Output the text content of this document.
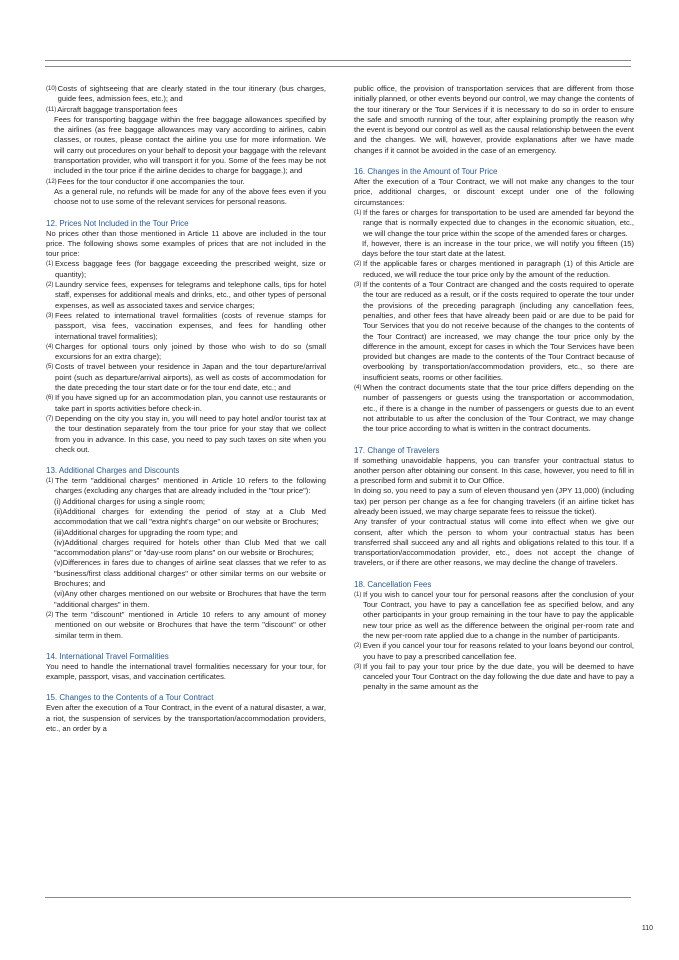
(10) Costs of sightseeing that are clearly stated in the tour itinerary (bus charges, guide fees, admission fees, etc.); and
(11) Aircraft baggage transportation fees
Fees for transporting baggage within the free baggage allowances specified by the airlines (as free baggage allowances may vary according to airlines, cabin classes, or routes, please contact the airline you use for more information. We will carry out procedures on your behalf to deposit your baggage with the relevant transportation provider, who will transport it for you. Some of the fees may be not included in the tour price if the airline decides to charge for baggage.); and
(12) Fees for the tour conductor if one accompanies the tour.
As a general rule, no refunds will be made for any of the above fees even if you choose not to use some of the relevant services for personal reasons.
12. Prices Not Included in the Tour Price

No prices other than those mentioned in Article 11 above are included in the tour price. The following shows some examples of prices that are not included in the tour price:

(1) Excess baggage fees (for baggage exceeding the prescribed weight, size or quantity);
(2) Laundry service fees, expenses for telegrams and telephone calls, tips for hotel staff, expenses for additional meals and drinks, etc., and other types of personal expenses, as well as associated taxes and service charges;
(3) Fees related to international travel formalities (costs of revenue stamps for passport, visa fees, vaccination expenses, and fees for handling other international travel formalities);
(4) Charges for optional tours only joined by those who wish to do so (small excursions for an extra charge);
(5) Costs of travel between your residence in Japan and the tour departure/arrival point (such as departure/arrival airports), as well as costs of accommodation for the date preceding the tour start date or for the tour end date, etc.; and
(6) If you have signed up for an accommodation plan, you cannot use restaurants or take part in sports activities before check-in.
(7) Depending on the city you stay in, you will need to pay hotel and/or tourist tax at the tour destination separately from the tour price for your stay that we collect from you in advance. In this case, you need to pay such taxes on site when you check out.
13. Additional Charges and Discounts
(1) The term "additional charges" mentioned in Article 10 refers to the following charges (excluding any charges that are already included in the "tour price"):
(i) Additional charges for using a single room;
(ii)Additional charges for extending the period of stay at a Club Med accommodation that we call "extra night's charge" on our website or Brochures;
(iii)Additional charges for upgrading the room type; and
(iv)Additional charges required for hotels other than Club Med that we call "accommodation plans" or "day-use room plans" on our website or Brochures;
(v)Differences in fares due to changes of airline seat classes that we refer to as "business/first class additional charges" or other similar terms on our website or Brochures; and
(vi)Any other charges mentioned on our website or Brochures that have the term "additional charges" in them.
(2) The term "discount" mentioned in Article 10 refers to any amount of money mentioned on our website or Brochures that have the term "discount" or other similar term in them.
14. International Travel Formalities

You need to handle the international travel formalities necessary for your tour, for example, passport, visas, and vaccination certificates.

15. Changes to the Contents of a Tour Contract

Even after the execution of a Tour Contract, in the event of a natural disaster, a war, a riot, the suspension of services by the transportation/accommodation providers, etc., an order by a

public office, the provision of transportation services that are different from those initially planned, or other events beyond our control, we may change the contents of the tour itinerary or the Tour Services if it is necessary to do so in order to ensure the safe and smooth running of the tour, after explaining promptly the reason why the event is beyond our control as well as the causal relationship between the event and the changes. We will, however, provide explanations after we have made changes if it cannot be avoided in the case of an emergency.

16. Changes in the Amount of Tour Price

After the execution of a Tour Contract, we will not make any changes to the tour price, additional charges, or discount except under one of the following circumstances:

(1) If the fares or charges for transportation to be used are amended far beyond the range that is normally expected due to changes in the economic situation, etc., we will change the tour price within the scope of the amended fares or charges.
If, however, there is an increase in the tour price, we will notify you fifteen (15) days before the tour start date at the latest.
(2) If the applicable fares or charges mentioned in paragraph (1) of this Article are reduced, we will reduce the tour price only by the amount of the reduction.
(3) If the contents of a Tour Contract are changed and the costs required to operate the tour are reduced as a result, or if the costs required to operate the tour under the provisions of the preceding paragraph (including any cancellation fees, penalties, and other fees that have already been paid or are due to be paid for Tour Services that you do not receive because of the changes to the contents of the Tour Contract) are increased, we may change the tour price only by the difference in the amount, except for cases in which the Tour Services have been provided but changes are made to the contents of the Tour Contract because of overbooking by transportation/accommodation providers, etc., so there are insufficient seats, rooms or other facilities.
(4) When the contract documents state that the tour price differs depending on the number of passengers or guests using the transportation or accommodation, etc., if there is a change in the number of passengers or guests due to an event not attributable to us after the conclusion of the Tour Contract, we may change the tour price according to what is written in the contract documents.
17. Change of Travelers

If something unavoidable happens, you can transfer your contractual status to another person after obtaining our consent. In this case, however, you need to fill in a prescribed form and submit it to Our Office.

In doing so, you need to pay a sum of eleven thousand yen (JPY 11,000) (including tax) per person per change as a fee for changing travelers (if an airline ticket has already been issued, we may charge separate fees to reissue the ticket).

Any transfer of your contractual status will come into effect when we give our consent, after which the person to whom your contractual status has been transferred shall succeed any and all rights and obligations related to this tour. If a transportation/accommodation provider, etc., does not accept the change of travelers, or if there are other reasons, we may decline the change of travelers.

18. Cancellation Fees
(1) If you wish to cancel your tour for personal reasons after the conclusion of your Tour Contract, you have to pay a cancellation fee as specified below, and any other participants in your group remaining in the tour have to pay the applicable new tour price as well as the difference between the original per-room rate and the new per-room rate applied due to a change in the number of participants.
(2) Even if you cancel your tour for reasons related to your loans beyond our control, you have to pay a prescribed cancellation fee.
(3) If you fail to pay your tour price by the due date, you will be deemed to have canceled your Tour Contract on the day following the due date and have to pay a penalty in the same amount as the
110
